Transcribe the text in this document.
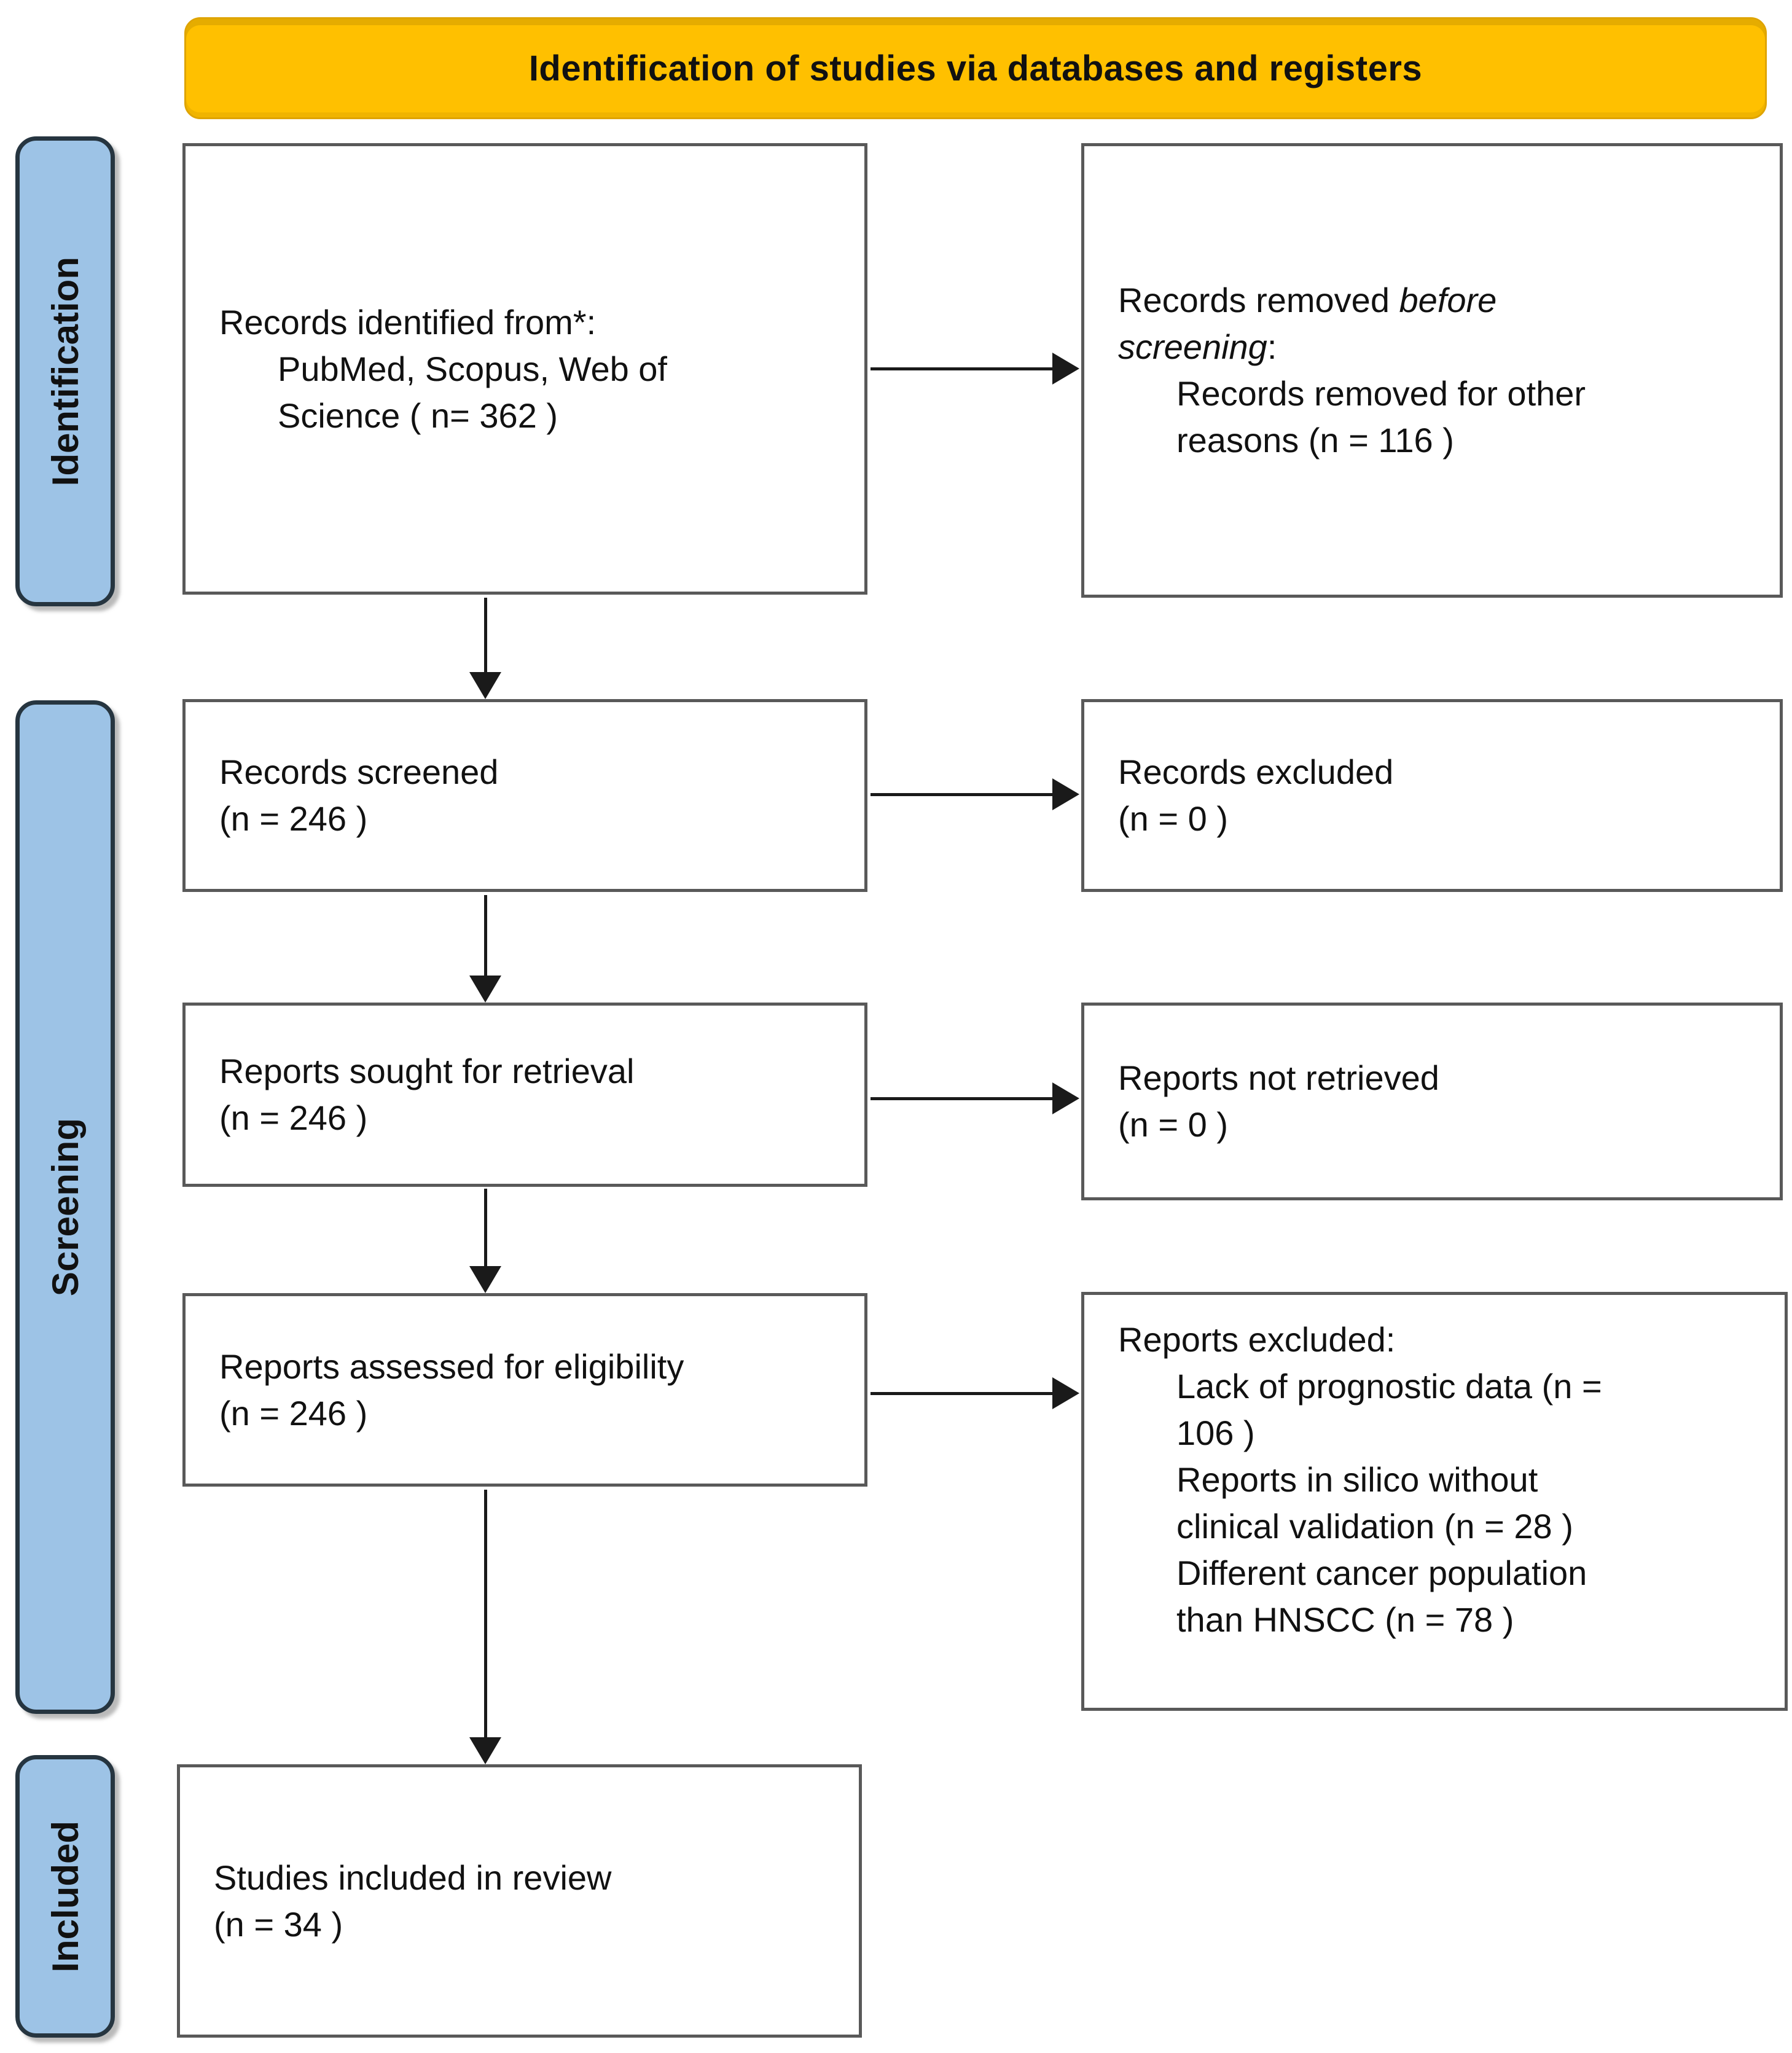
Identification of studies via databases and registers
Identification
Screening
Included
Records identified from*:
PubMed, Scopus, Web of Science ( n= 362 )
Records removed before screening:
Records removed for other reasons (n = 116 )
Records screened
(n = 246 )
Records excluded
(n = 0 )
Reports sought for retrieval
(n = 246 )
Reports not retrieved
(n = 0 )
Reports assessed for eligibility
(n = 246 )
Reports excluded:
Lack of prognostic data (n = 106 )
Reports in silico without clinical validation (n = 28 )
Different cancer population than HNSCC (n = 78 )
Studies included in review
(n = 34 )
